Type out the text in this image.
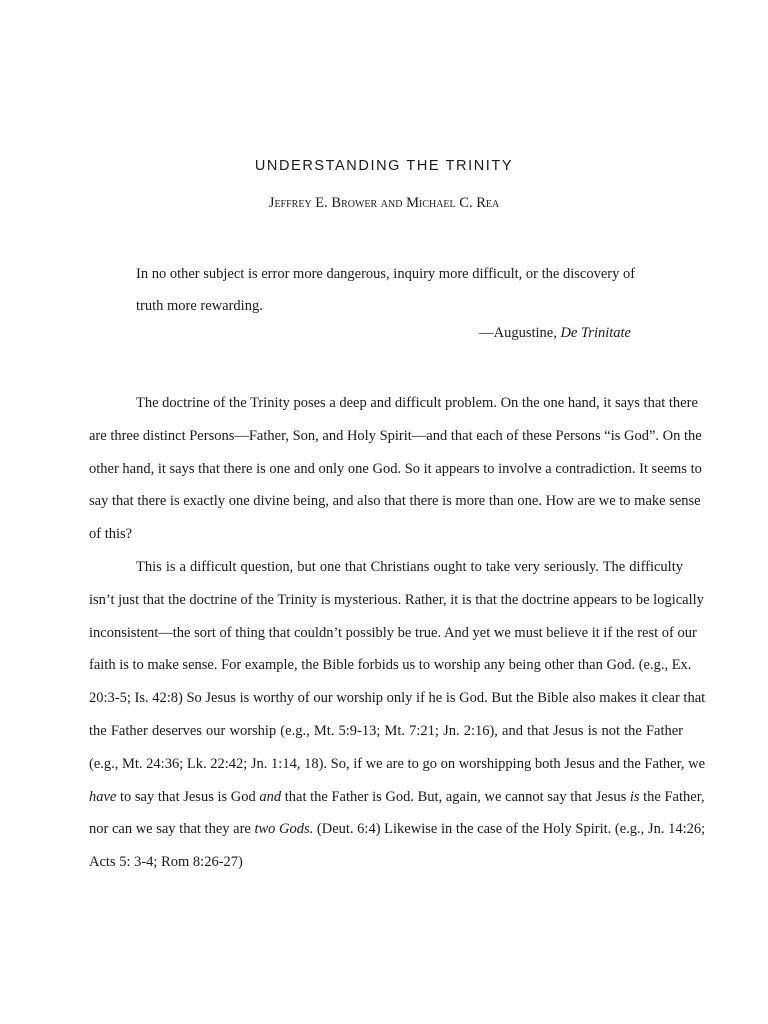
UNDERSTANDING THE TRINITY
Jeffrey E. Brower and Michael C. Rea
In no other subject is error more dangerous, inquiry more difficult, or the discovery of
truth more rewarding.
—Augustine, De Trinitate
The doctrine of the Trinity poses a deep and difficult problem. On the one hand, it says that there
are three distinct Persons—Father, Son, and Holy Spirit—and that each of these Persons “is God”. On the
other hand, it says that there is one and only one God. So it appears to involve a contradiction. It seems to
say that there is exactly one divine being, and also that there is more than one. How are we to make sense
of this?
This is a difficult question, but one that Christians ought to take very seriously. The difficulty
isn’t just that the doctrine of the Trinity is mysterious. Rather, it is that the doctrine appears to be logically
inconsistent—the sort of thing that couldn’t possibly be true. And yet we must believe it if the rest of our
faith is to make sense. For example, the Bible forbids us to worship any being other than God. (e.g., Ex.
20:3-5; Is. 42:8) So Jesus is worthy of our worship only if he is God. But the Bible also makes it clear that
the Father deserves our worship (e.g., Mt. 5:9-13; Mt. 7:21; Jn. 2:16), and that Jesus is not the Father
(e.g., Mt. 24:36; Lk. 22:42; Jn. 1:14, 18). So, if we are to go on worshipping both Jesus and the Father, we
have to say that Jesus is God and that the Father is God. But, again, we cannot say that Jesus is the Father,
nor can we say that they are two Gods. (Deut. 6:4) Likewise in the case of the Holy Spirit. (e.g., Jn. 14:26;
Acts 5: 3-4; Rom 8:26-27)
